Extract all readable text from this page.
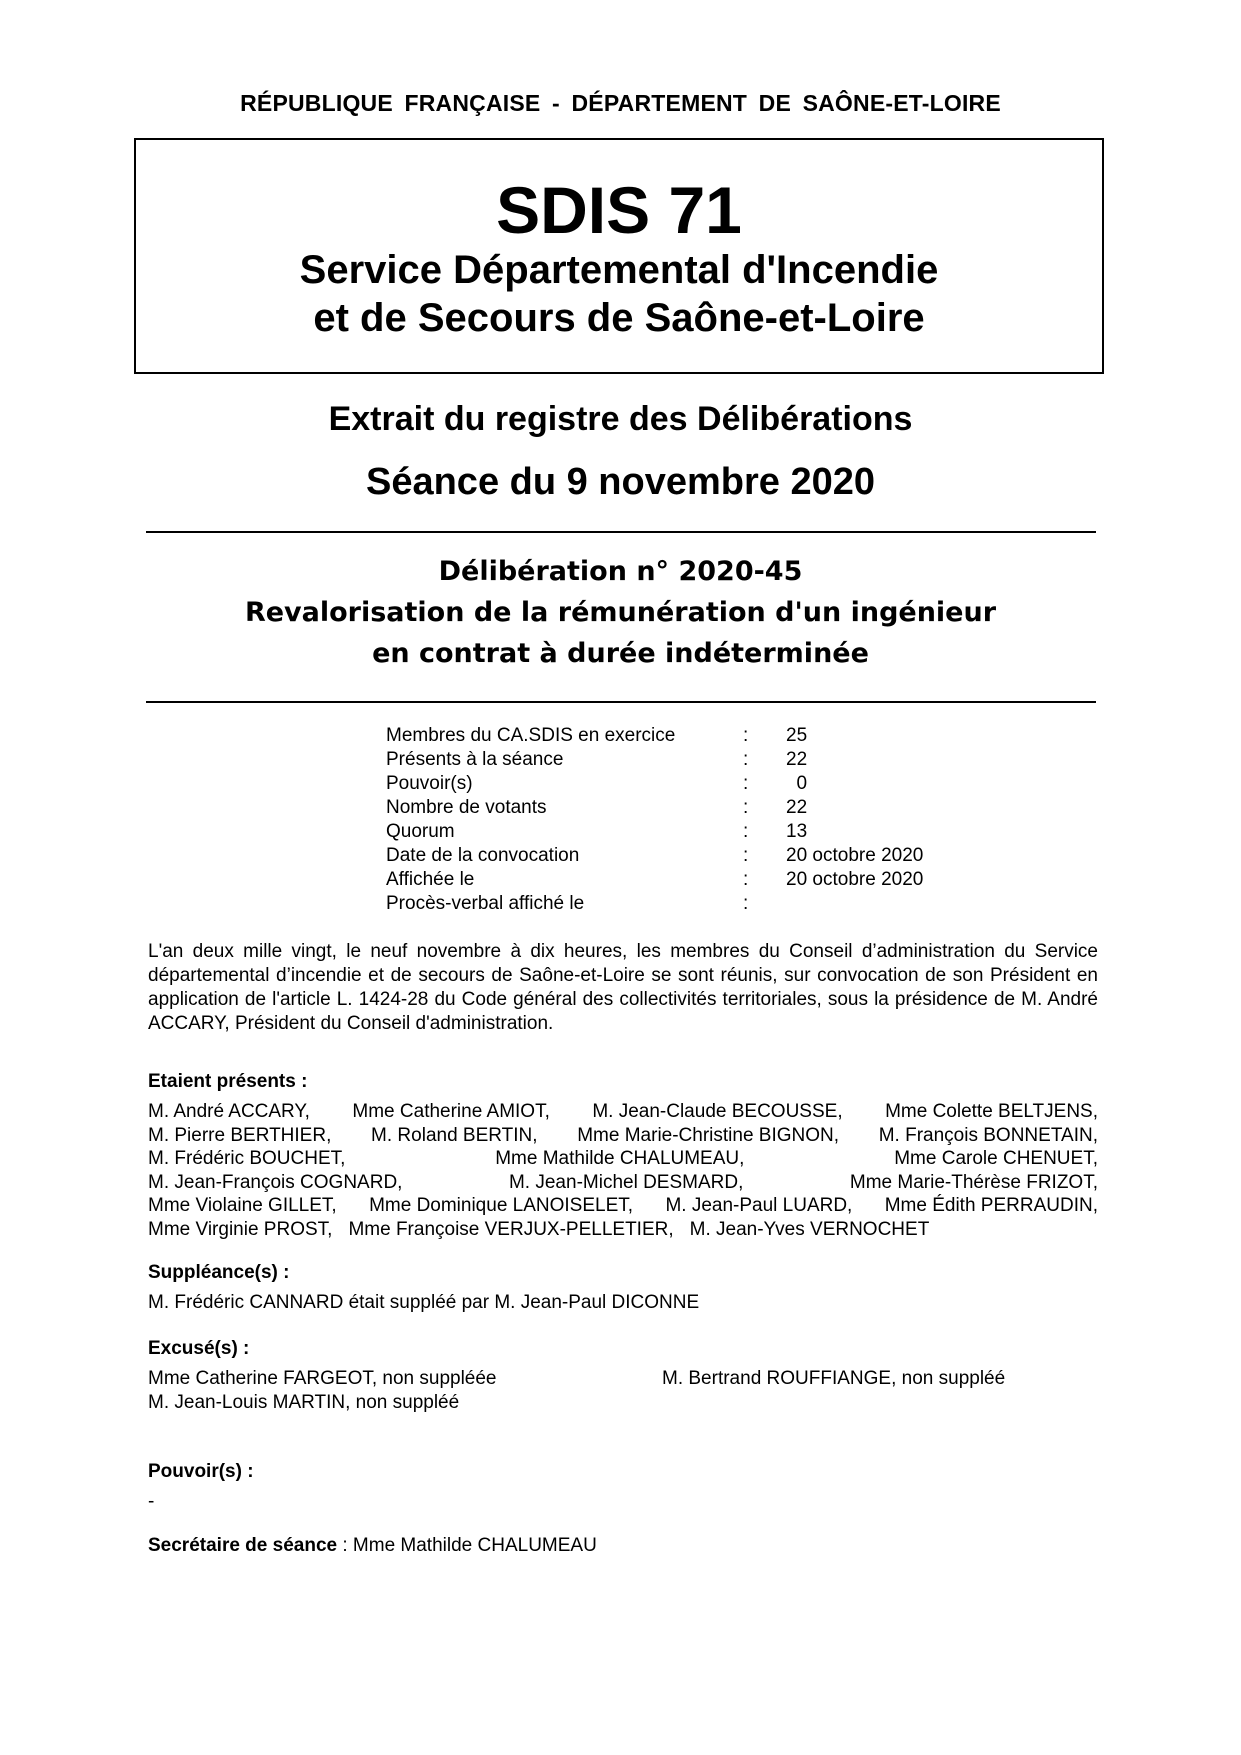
RÉPUBLIQUE FRANÇAISE - DÉPARTEMENT DE SAÔNE-ET-LOIRE
SDIS 71
Service Départemental d'Incendie
et de Secours de Saône-et-Loire
Extrait du registre des Délibérations
Séance du 9 novembre 2020
Délibération n° 2020-45
Revalorisation de la rémunération d'un ingénieur
en contrat à durée indéterminée
Membres du CA.SDIS en exercice	: 25
Présents à la séance	: 22
Pouvoir(s)	: 0
Nombre de votants	: 22
Quorum	: 13
Date de la convocation	: 20 octobre 2020
Affichée le	: 20 octobre 2020
Procès-verbal affiché le	:
L'an deux mille vingt, le neuf novembre à dix heures, les membres du Conseil d’administration du Service départemental d’incendie et de secours de Saône-et-Loire se sont réunis, sur convocation de son Président en application de l'article L. 1424-28 du Code général des collectivités territoriales, sous la présidence de M. André ACCARY, Président du Conseil d'administration.
Etaient présents :
M. André ACCARY, Mme Catherine AMIOT, M. Jean-Claude BECOUSSE, Mme Colette BELTJENS,
M. Pierre BERTHIER, M. Roland BERTIN, Mme Marie-Christine BIGNON, M. François BONNETAIN,
M. Frédéric BOUCHET,	Mme Mathilde CHALUMEAU,	Mme Carole CHENUET,
M. Jean-François COGNARD,	M. Jean-Michel DESMARD,	Mme Marie-Thérèse FRIZOT,
Mme Violaine GILLET, Mme Dominique LANOISELET, M. Jean-Paul LUARD, Mme Édith PERRAUDIN,
Mme Virginie PROST, Mme Françoise VERJUX-PELLETIER, M. Jean-Yves VERNOCHET
Suppléance(s) :
M. Frédéric CANNARD était suppléé par M. Jean-Paul DICONNE
Excusé(s) :
Mme Catherine FARGEOT, non suppléée	M. Bertrand ROUFFIANGE, non suppléé
M. Jean-Louis MARTIN, non suppléé
Pouvoir(s) :
-
Secrétaire de séance : Mme Mathilde CHALUMEAU
